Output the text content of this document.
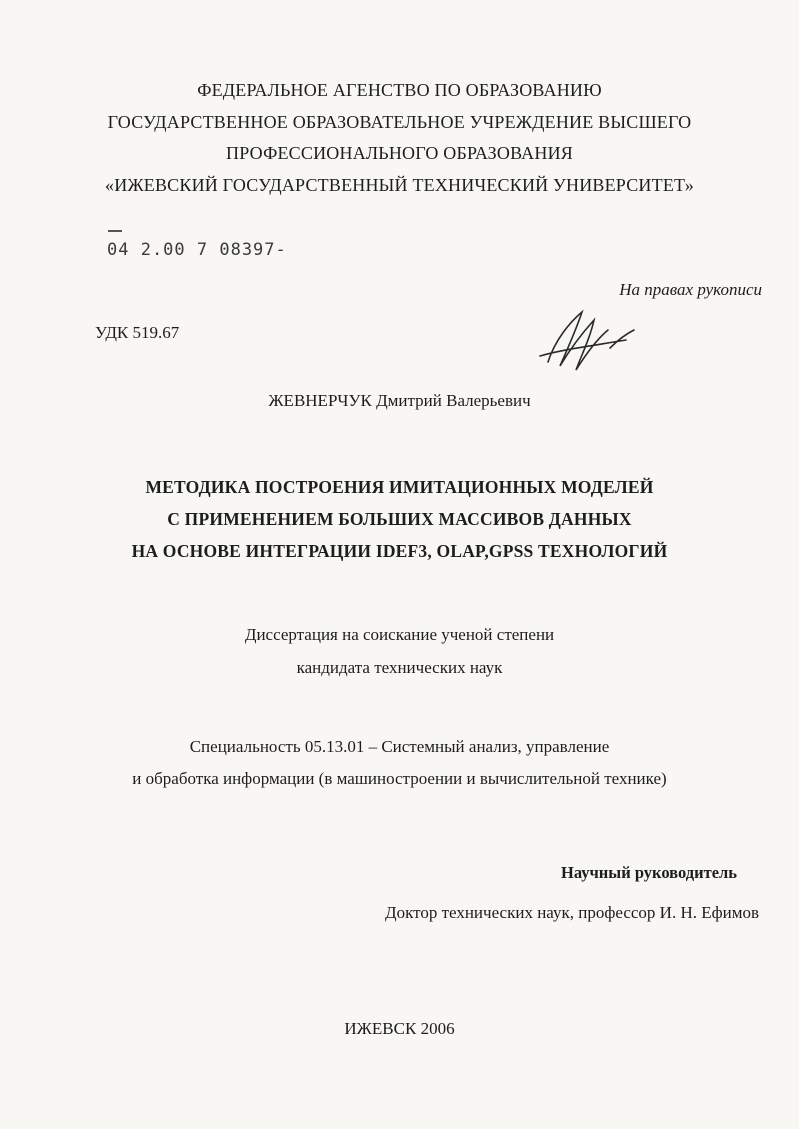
ФЕДЕРАЛЬНОЕ АГЕНСТВО ПО ОБРАЗОВАНИЮ
ГОСУДАРСТВЕННОЕ ОБРАЗОВАТЕЛЬНОЕ УЧРЕЖДЕНИЕ ВЫСШЕГО
ПРОФЕССИОНАЛЬНОГО ОБРАЗОВАНИЯ
«ИЖЕВСКИЙ ГОСУДАРСТВЕННЫЙ ТЕХНИЧЕСКИЙ УНИВЕРСИТЕТ»
04 2.00 7 08397-
На правах рукописи
УДК 519.67
ЖЕВНЕРЧУК Дмитрий Валерьевич
МЕТОДИКА ПОСТРОЕНИЯ ИМИТАЦИОННЫХ МОДЕЛЕЙ
С ПРИМЕНЕНИЕМ БОЛЬШИХ МАССИВОВ ДАННЫХ
НА ОСНОВЕ ИНТЕГРАЦИИ IDEF3, OLAP,GPSS ТЕХНОЛОГИЙ
Диссертация на соискание ученой степени
кандидата технических наук
Специальность 05.13.01 – Системный анализ, управление
и обработка информации (в машиностроении и вычислительной технике)
Научный руководитель
Доктор технических наук, профессор И. Н. Ефимов
ИЖЕВСК 2006
